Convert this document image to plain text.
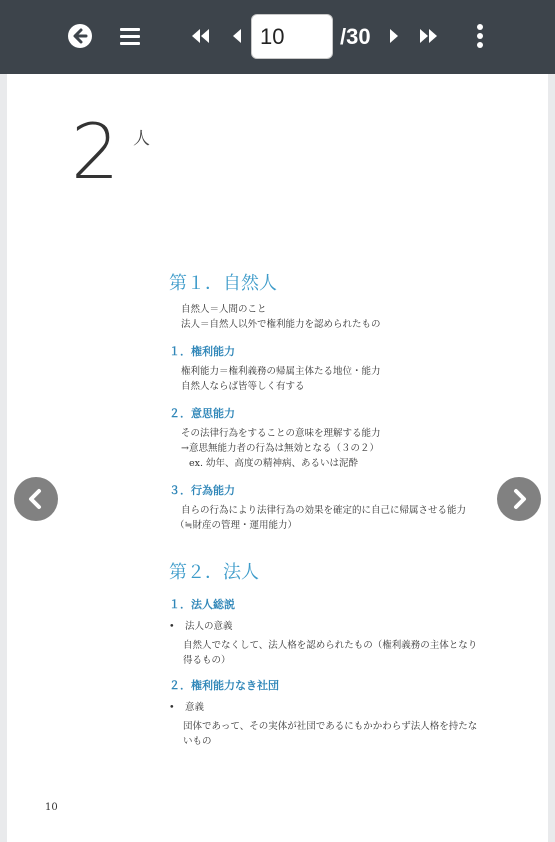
10
/30
2 人
第１．自然人
自然人＝人間のこと
法人＝自然人以外で権利能力を認められたもの
１．権利能力
権利能力＝権利義務の帰属主体たる地位・能力
自然人ならば皆等しく有する
２．意思能力
その法律行為をすることの意味を理解する能力
→意思無能力者の行為は無効となる（３の２）
ex. 幼年、高度の精神病、あるいは泥酔
３．行為能力
自らの行為により法律行為の効果を確定的に自己に帰属させる能力
（≒財産の管理・運用能力）
第２．法人
１．法人総説
•	法人の意義
自然人でなくして、法人格を認められたもの（権利義務の主体となり
得るもの）
２．権利能力なき社団
•	意義
団体であって、その実体が社団であるにもかかわらず法人格を持たな
いもの
10
